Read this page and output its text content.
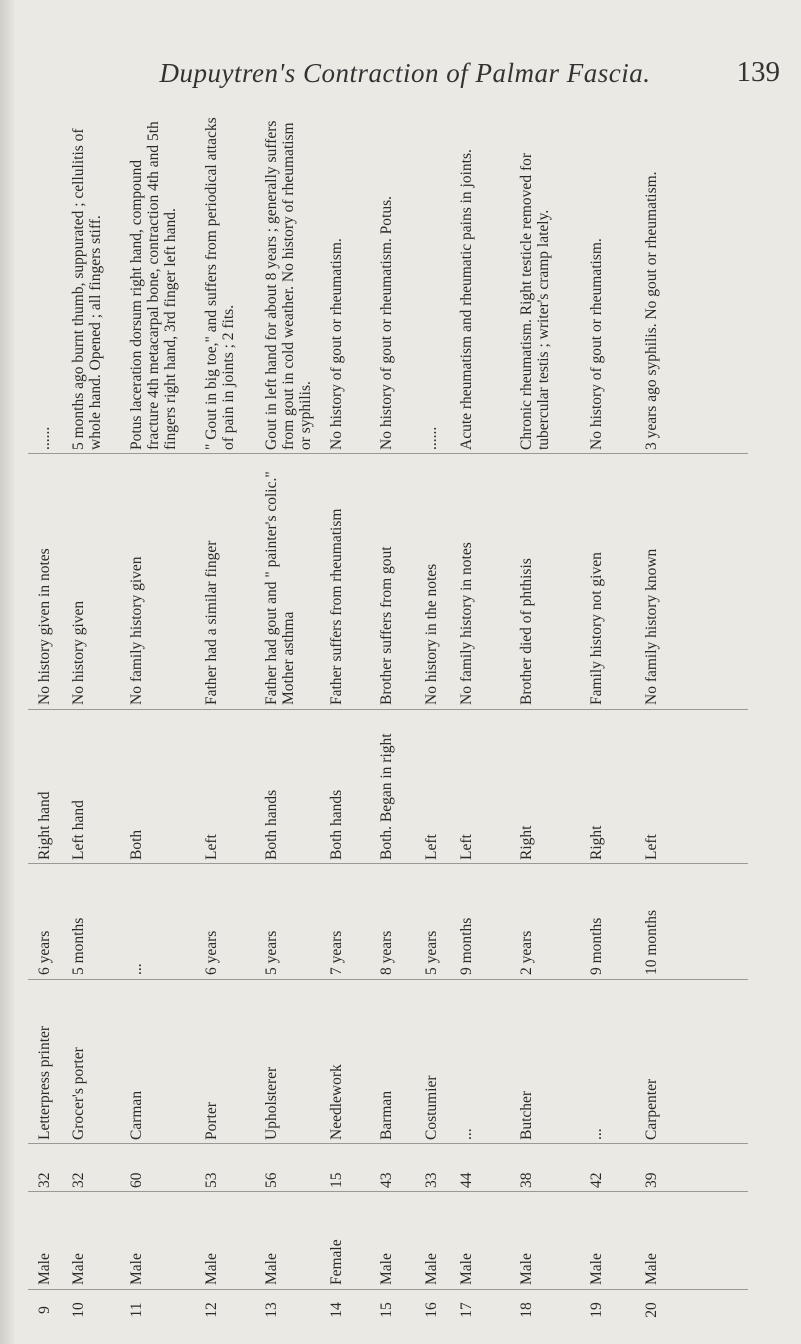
Dupuytren's Contraction of Palmar Fascia.	139
9
Male
32
Letterpress printer
6 years
Right hand
No history given in notes
......
10
Male
32
Grocer's porter
5 months
Left hand
No history given
5 months ago burnt thumb, suppurated ; cellulitis of whole hand. Opened ; all fingers stiff.
11
Male
60
Carman
...
Both
No family history given
Potus laceration dorsum right hand, compound fracture 4th metacarpal bone, contraction 4th and 5th fingers right hand, 3rd finger left hand.
12
Male
53
Porter
6 years
Left
Father had a similar finger
" Gout in big toe," and suffers from periodical attacks of pain in joints ; 2 fits.
13
Male
56
Upholsterer
5 years
Both hands
Father had gout and " painter's colic." Mother asthma
Gout in left hand for about 8 years ; generally suffers from gout in cold weather. No history of rheumatism or syphilis.
14
Female
15
Needlework
7 years
Both hands
Father suffers from rheumatism
No history of gout or rheumatism.
15
Male
43
Barman
8 years
Both. Began in right
Brother suffers from gout
No history of gout or rheumatism. Potus.
16
Male
33
Costumier
5 years
Left
No history in the notes
......
17
Male
44
...
9 months
Left
No family history in notes
Acute rheumatism and rheumatic pains in joints.
18
Male
38
Butcher
2 years
Right
Brother died of phthisis
Chronic rheumatism. Right testicle removed for tubercular testis ; writer's cramp lately.
19
Male
42
...
9 months
Right
Family history not given
No history of gout or rheumatism.
20
Male
39
Carpenter
10 months
Left
No family history known
3 years ago syphilis. No gout or rheumatism.
